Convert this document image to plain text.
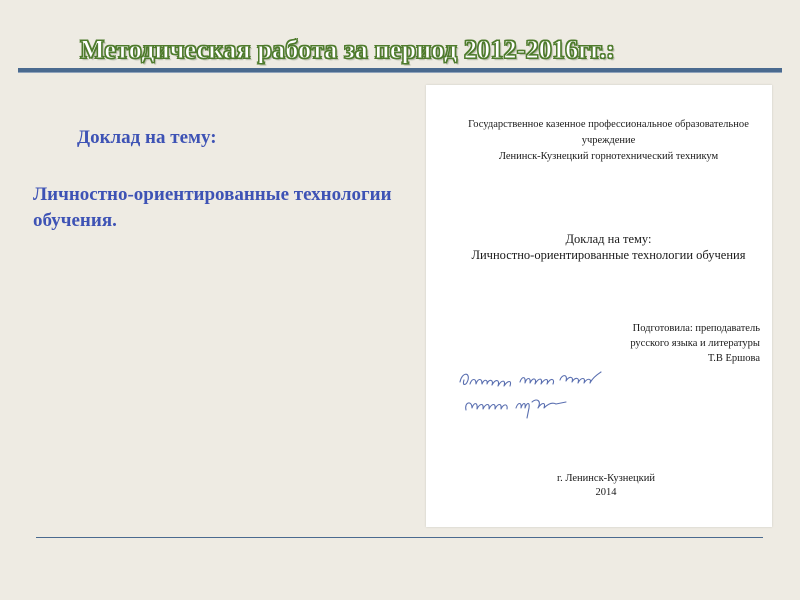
Методическая работа за период 2012-2016гг.:
Доклад на тему:
Личностно-ориентированные технологии обучения.
Государственное казенное профессиональное образовательное
учреждение
Ленинск-Кузнецкий горнотехнический техникум
Доклад на тему:
Личностно-ориентированные технологии обучения
Подготовила: преподаватель
русского языка и литературы
Т.В Ершова
г. Ленинск-Кузнецкий
2014
